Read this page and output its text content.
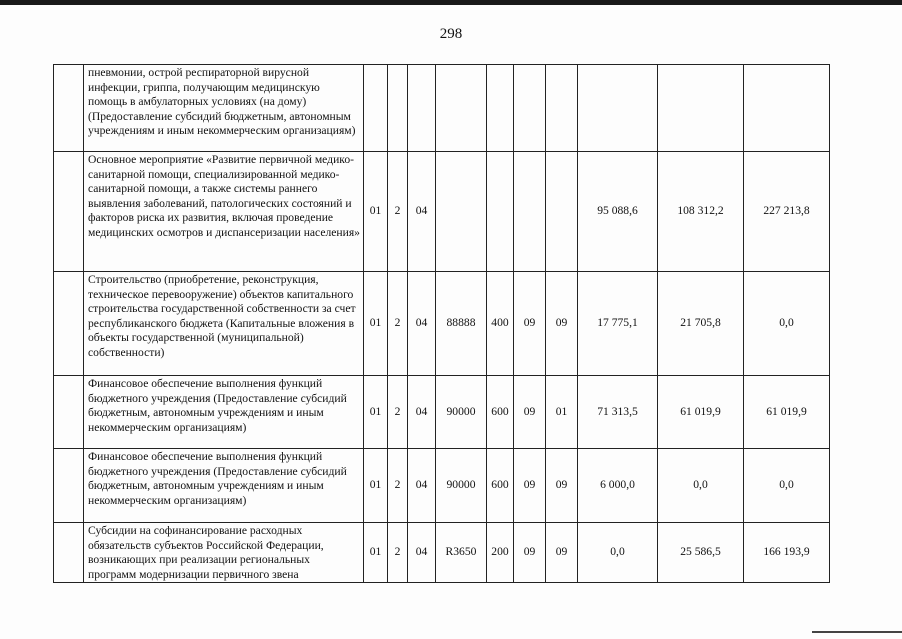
298
	пневмонии, острой респираторной вирусной инфекции, гриппа, получающим медицинскую помощь в амбулаторных условиях (на дому) (Предоставление субсидий бюджетным, автономным учреждениям и иным некоммерческим организациям)										
	Основное мероприятие «Развитие первичной медико-санитарной помощи, специализированной медико-санитарной помощи, а также системы раннего выявления заболеваний, патологических состояний и факторов риска их развития, включая проведение медицинских осмотров и диспансеризации населения»	01	2	04					95 088,6	108 312,2	227 213,8
	Строительство (приобретение, реконструкция, техническое перевооружение) объектов капитального строительства государственной собственности за счет республиканского бюджета (Капитальные вложения в объекты государственной (муниципальной) собственности)	01	2	04	88888	400	09	09	17 775,1	21 705,8	0,0
	Финансовое обеспечение выполнения функций бюджетного учреждения (Предоставление субсидий бюджетным, автономным учреждениям и иным некоммерческим организациям)	01	2	04	90000	600	09	01	71 313,5	61 019,9	61 019,9
	Финансовое обеспечение выполнения функций бюджетного учреждения (Предоставление субсидий бюджетным, автономным учреждениям и иным некоммерческим организациям)	01	2	04	90000	600	09	09	6 000,0	0,0	0,0
	Субсидии на софинансирование расходных обязательств субъектов Российской Федерации, возникающих при реализации региональных программ модернизации первичного звена	01	2	04	R3650	200	09	09	0,0	25 586,5	166 193,9
